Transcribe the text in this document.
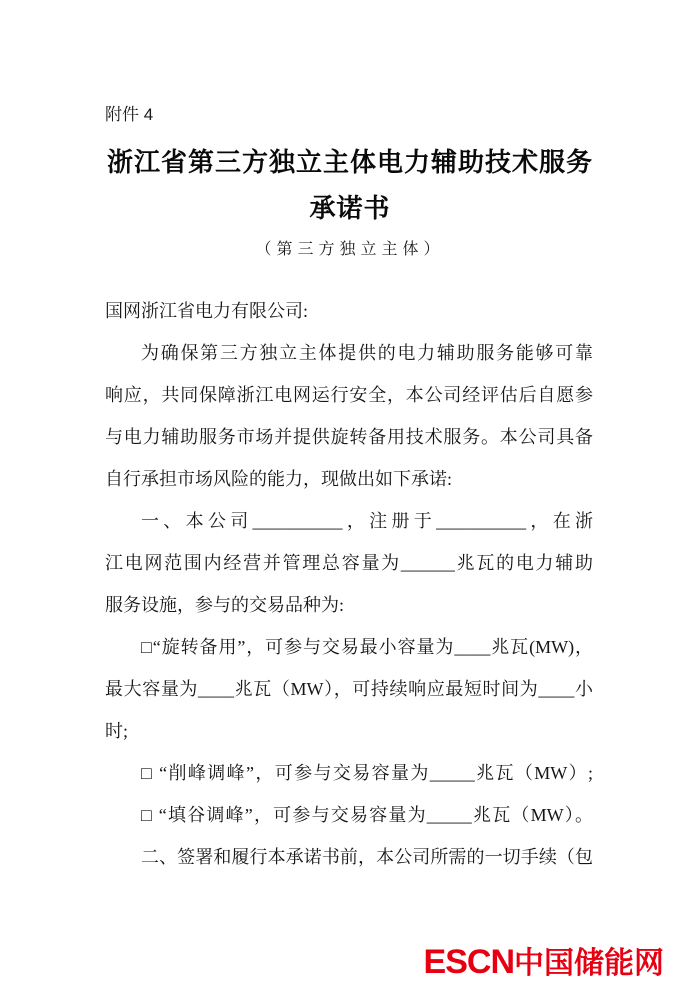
附件 4
浙江省第三方独立主体电力辅助技术服务
承诺书
（第三方独立主体）
国网浙江省电力有限公司:
为确保第三方独立主体提供的电力辅助服务能够可靠
响应，共同保障浙江电网运行安全，本公司经评估后自愿参
与电力辅助服务市场并提供旋转备用技术服务。本公司具备
自行承担市场风险的能力，现做出如下承诺:
一、本公司__________，注册于__________，在浙
江电网范围内经营并管理总容量为______兆瓦的电力辅助
服务设施，参与的交易品种为:
□“旋转备用”，可参与交易最小容量为____兆瓦(MW)，
最大容量为____兆瓦（MW），可持续响应最短时间为____小
时;
□ “削峰调峰”，可参与交易容量为_____兆瓦（MW）;
□ “填谷调峰”，可参与交易容量为_____兆瓦（MW）。
二、签署和履行本承诺书前，本公司所需的一切手续（包
ESCN中国储能网
